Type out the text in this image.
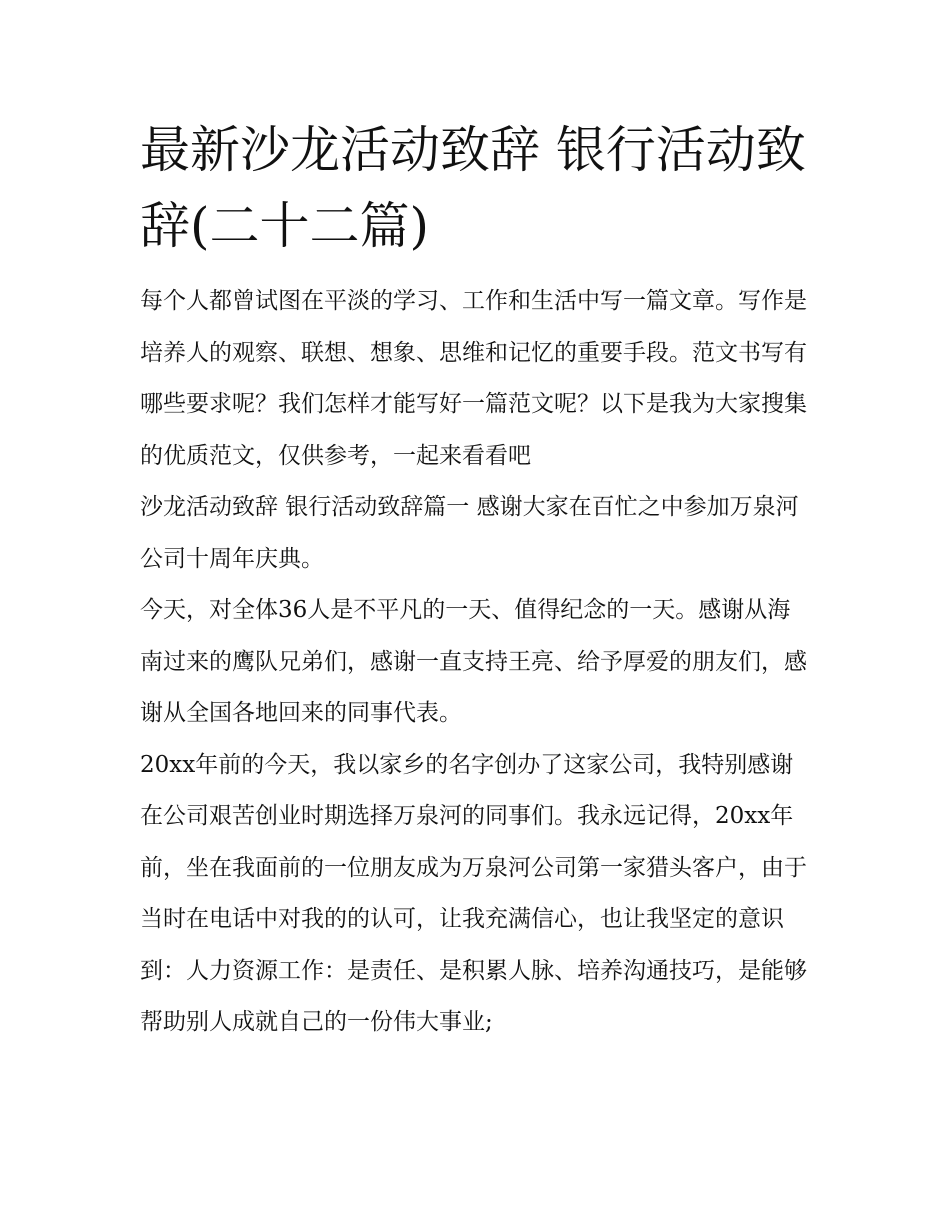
最新沙龙活动致辞 银行活动致辞(二十二篇)

每个人都曾试图在平淡的学习、工作和生活中写一篇文章。写作是培养人的观察、联想、想象、思维和记忆的重要手段。范文书写有哪些要求呢？我们怎样才能写好一篇范文呢？以下是我为大家搜集的优质范文，仅供参考，一起来看看吧

沙龙活动致辞 银行活动致辞篇一 感谢大家在百忙之中参加万泉河公司十周年庆典。

今天，对全体36人是不平凡的一天、值得纪念的一天。感谢从海南过来的鹰队兄弟们，感谢一直支持王亮、给予厚爱的朋友们，感谢从全国各地回来的同事代表。

20xx年前的今天，我以家乡的名字创办了这家公司，我特别感谢在公司艰苦创业时期选择万泉河的同事们。我永远记得，20xx年前，坐在我面前的一位朋友成为万泉河公司第一家猎头客户，由于当时在电话中对我的的认可，让我充满信心，也让我坚定的意识到：人力资源工作：是责任、是积累人脉、培养沟通技巧，是能够帮助别人成就自己的一份伟大事业;
